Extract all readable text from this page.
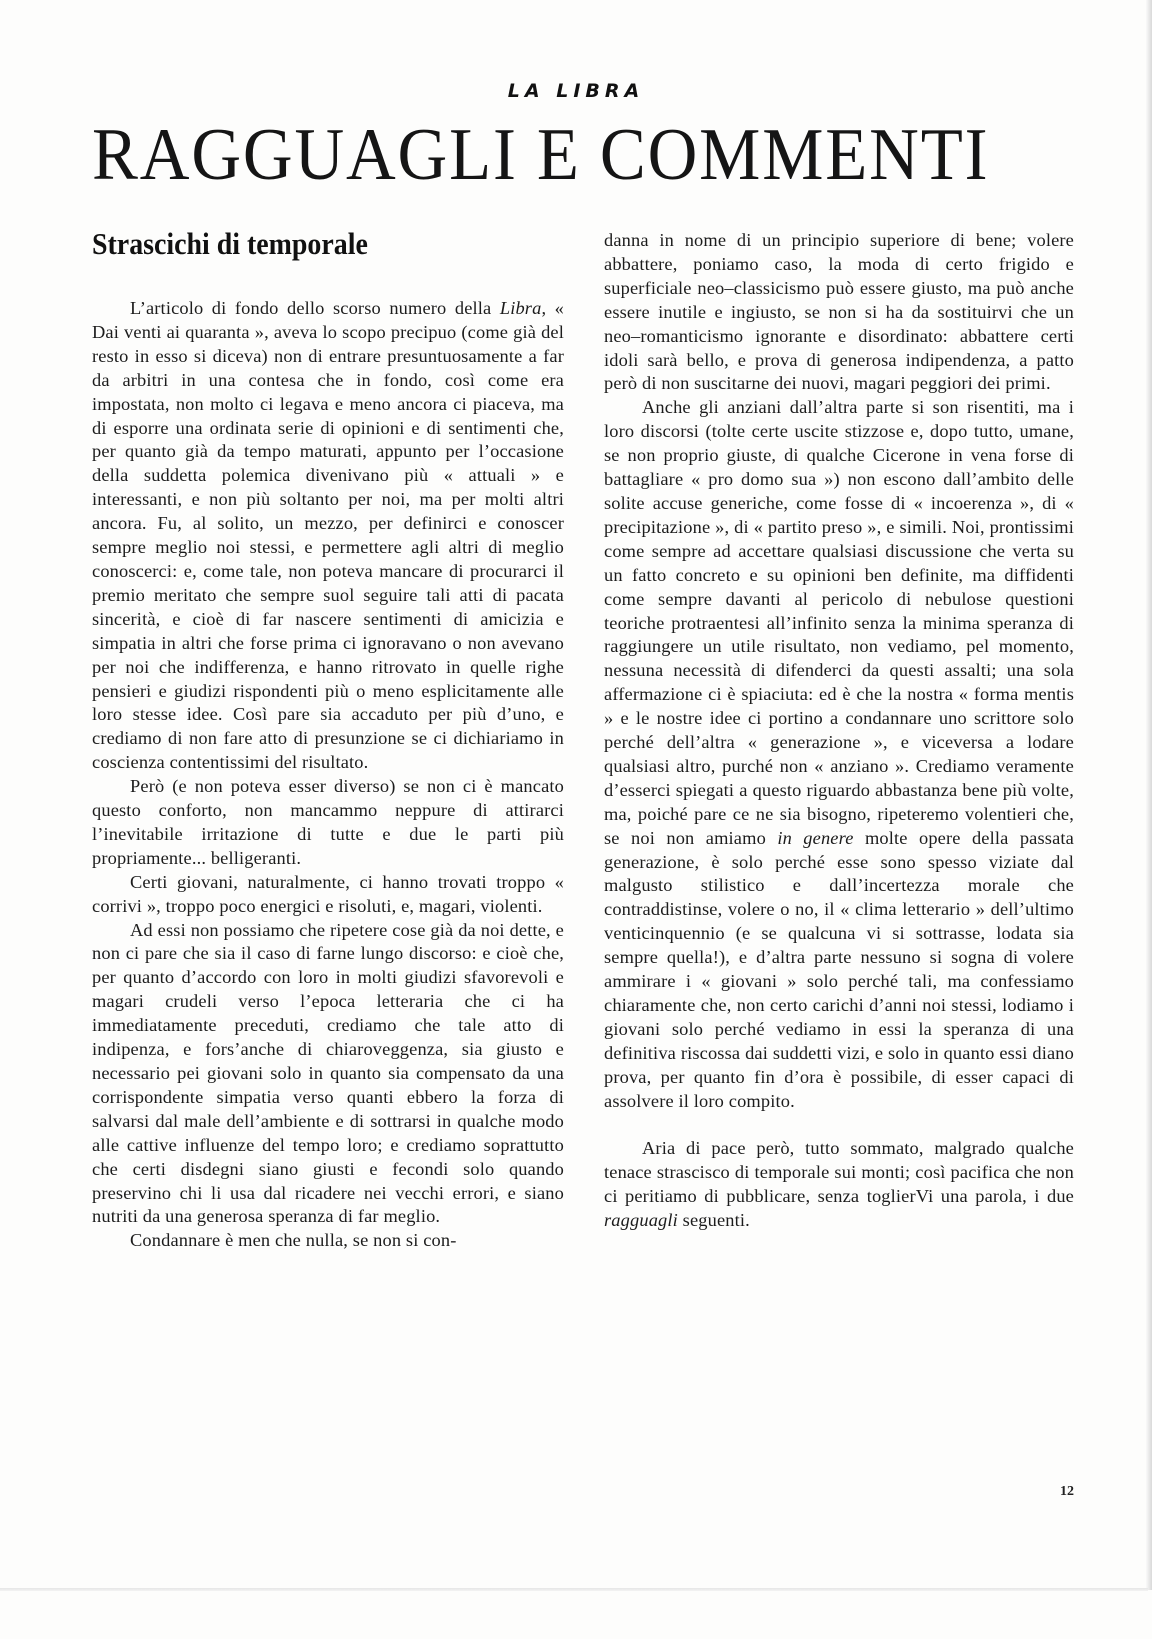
LA LIBRA
RAGGUAGLI E COMMENTI
Strascichi di temporale

L’articolo di fondo dello scorso numero della Libra, « Dai venti ai quaranta », aveva lo scopo precipuo (come già del resto in esso si diceva) non di entrare presuntuosamente a far da arbitri in una contesa che in fondo, così come era impostata, non molto ci legava e meno ancora ci piaceva, ma di esporre una ordinata serie di opinioni e di sentimenti che, per quanto già da tempo maturati, appunto per l’occasione della suddetta polemica divenivano più « attuali » e interessanti, e non più soltanto per noi, ma per molti altri ancora. Fu, al solito, un mezzo, per definirci e conoscer sempre meglio noi stessi, e permettere agli altri di meglio conoscerci: e, come tale, non poteva mancare di procurarci il premio meritato che sempre suol seguire tali atti di pacata sincerità, e cioè di far nascere sentimenti di amicizia e simpatia in altri che forse prima ci ignoravano o non avevano per noi che indifferenza, e hanno ritrovato in quelle righe pensieri e giudizi rispondenti più o meno esplicitamente alle loro stesse idee. Così pare sia accaduto per più d’uno, e crediamo di non fare atto di presunzione se ci dichiariamo in coscienza contentissimi del risultato.

Però (e non poteva esser diverso) se non ci è mancato questo conforto, non mancammo neppure di attirarci l’inevitabile irritazione di tutte e due le parti più propriamente... belligeranti.

Certi giovani, naturalmente, ci hanno trovati troppo « corrivi », troppo poco energici e risoluti, e, magari, violenti.

Ad essi non possiamo che ripetere cose già da noi dette, e non ci pare che sia il caso di farne lungo discorso: e cioè che, per quanto d’accordo con loro in molti giudizi sfavorevoli e magari crudeli verso l’epoca letteraria che ci ha immediatamente preceduti, crediamo che tale atto di indipenza, e fors’anche di chiaroveggenza, sia giusto e necessario pei giovani solo in quanto sia compensato da una corrispondente simpatia verso quanti ebbero la forza di salvarsi dal male dell’ambiente e di sottrarsi in qualche modo alle cattive influenze del tempo loro; e crediamo soprattutto che certi disdegni siano giusti e fecondi solo quando preservino chi li usa dal ricadere nei vecchi errori, e siano nutriti da una generosa speranza di far meglio.

Condannare è men che nulla, se non si con-

danna in nome di un principio superiore di bene; volere abbattere, poniamo caso, la moda di certo frigido e superficiale neo–classicismo può essere giusto, ma può anche essere inutile e ingiusto, se non si ha da sostituirvi che un neo–romanticismo ignorante e disordinato: abbattere certi idoli sarà bello, e prova di generosa indipendenza, a patto però di non suscitarne dei nuovi, magari peggiori dei primi.

Anche gli anziani dall’altra parte si son risentiti, ma i loro discorsi (tolte certe uscite stizzose e, dopo tutto, umane, se non proprio giuste, di qualche Cicerone in vena forse di battagliare « pro domo sua ») non escono dall’ambito delle solite accuse generiche, come fosse di « incoerenza », di « precipitazione », di « partito preso », e simili. Noi, prontissimi come sempre ad accettare qualsiasi discussione che verta su un fatto concreto e su opinioni ben definite, ma diffidenti come sempre davanti al pericolo di nebulose questioni teoriche protraentesi all’infinito senza la minima speranza di raggiungere un utile risultato, non vediamo, pel momento, nessuna necessità di difenderci da questi assalti; una sola affermazione ci è spiaciuta: ed è che la nostra « forma mentis » e le nostre idee ci portino a condannare uno scrittore solo perché dell’altra « generazione », e viceversa a lodare qualsiasi altro, purché non « anziano ». Crediamo veramente d’esserci spiegati a questo riguardo abbastanza bene più volte, ma, poiché pare ce ne sia bisogno, ripeteremo volentieri che, se noi non amiamo in genere molte opere della passata generazione, è solo perché esse sono spesso viziate dal malgusto stilistico e dall’incertezza morale che contraddistinse, volere o no, il « clima letterario » dell’ultimo venticinquennio (e se qualcuna vi si sottrasse, lodata sia sempre quella!), e d’altra parte nessuno si sogna di volere ammirare i « giovani » solo perché tali, ma confessiamo chiaramente che, non certo carichi d’anni noi stessi, lodiamo i giovani solo perché vediamo in essi la speranza di una definitiva riscossa dai suddetti vizi, e solo in quanto essi diano prova, per quanto fin d’ora è possibile, di esser capaci di assolvere il loro compito.

Aria di pace però, tutto sommato, malgrado qualche tenace strascisco di temporale sui monti; così pacifica che non ci peritiamo di pubblicare, senza toglierVi una parola, i due ragguagli seguenti.

12
